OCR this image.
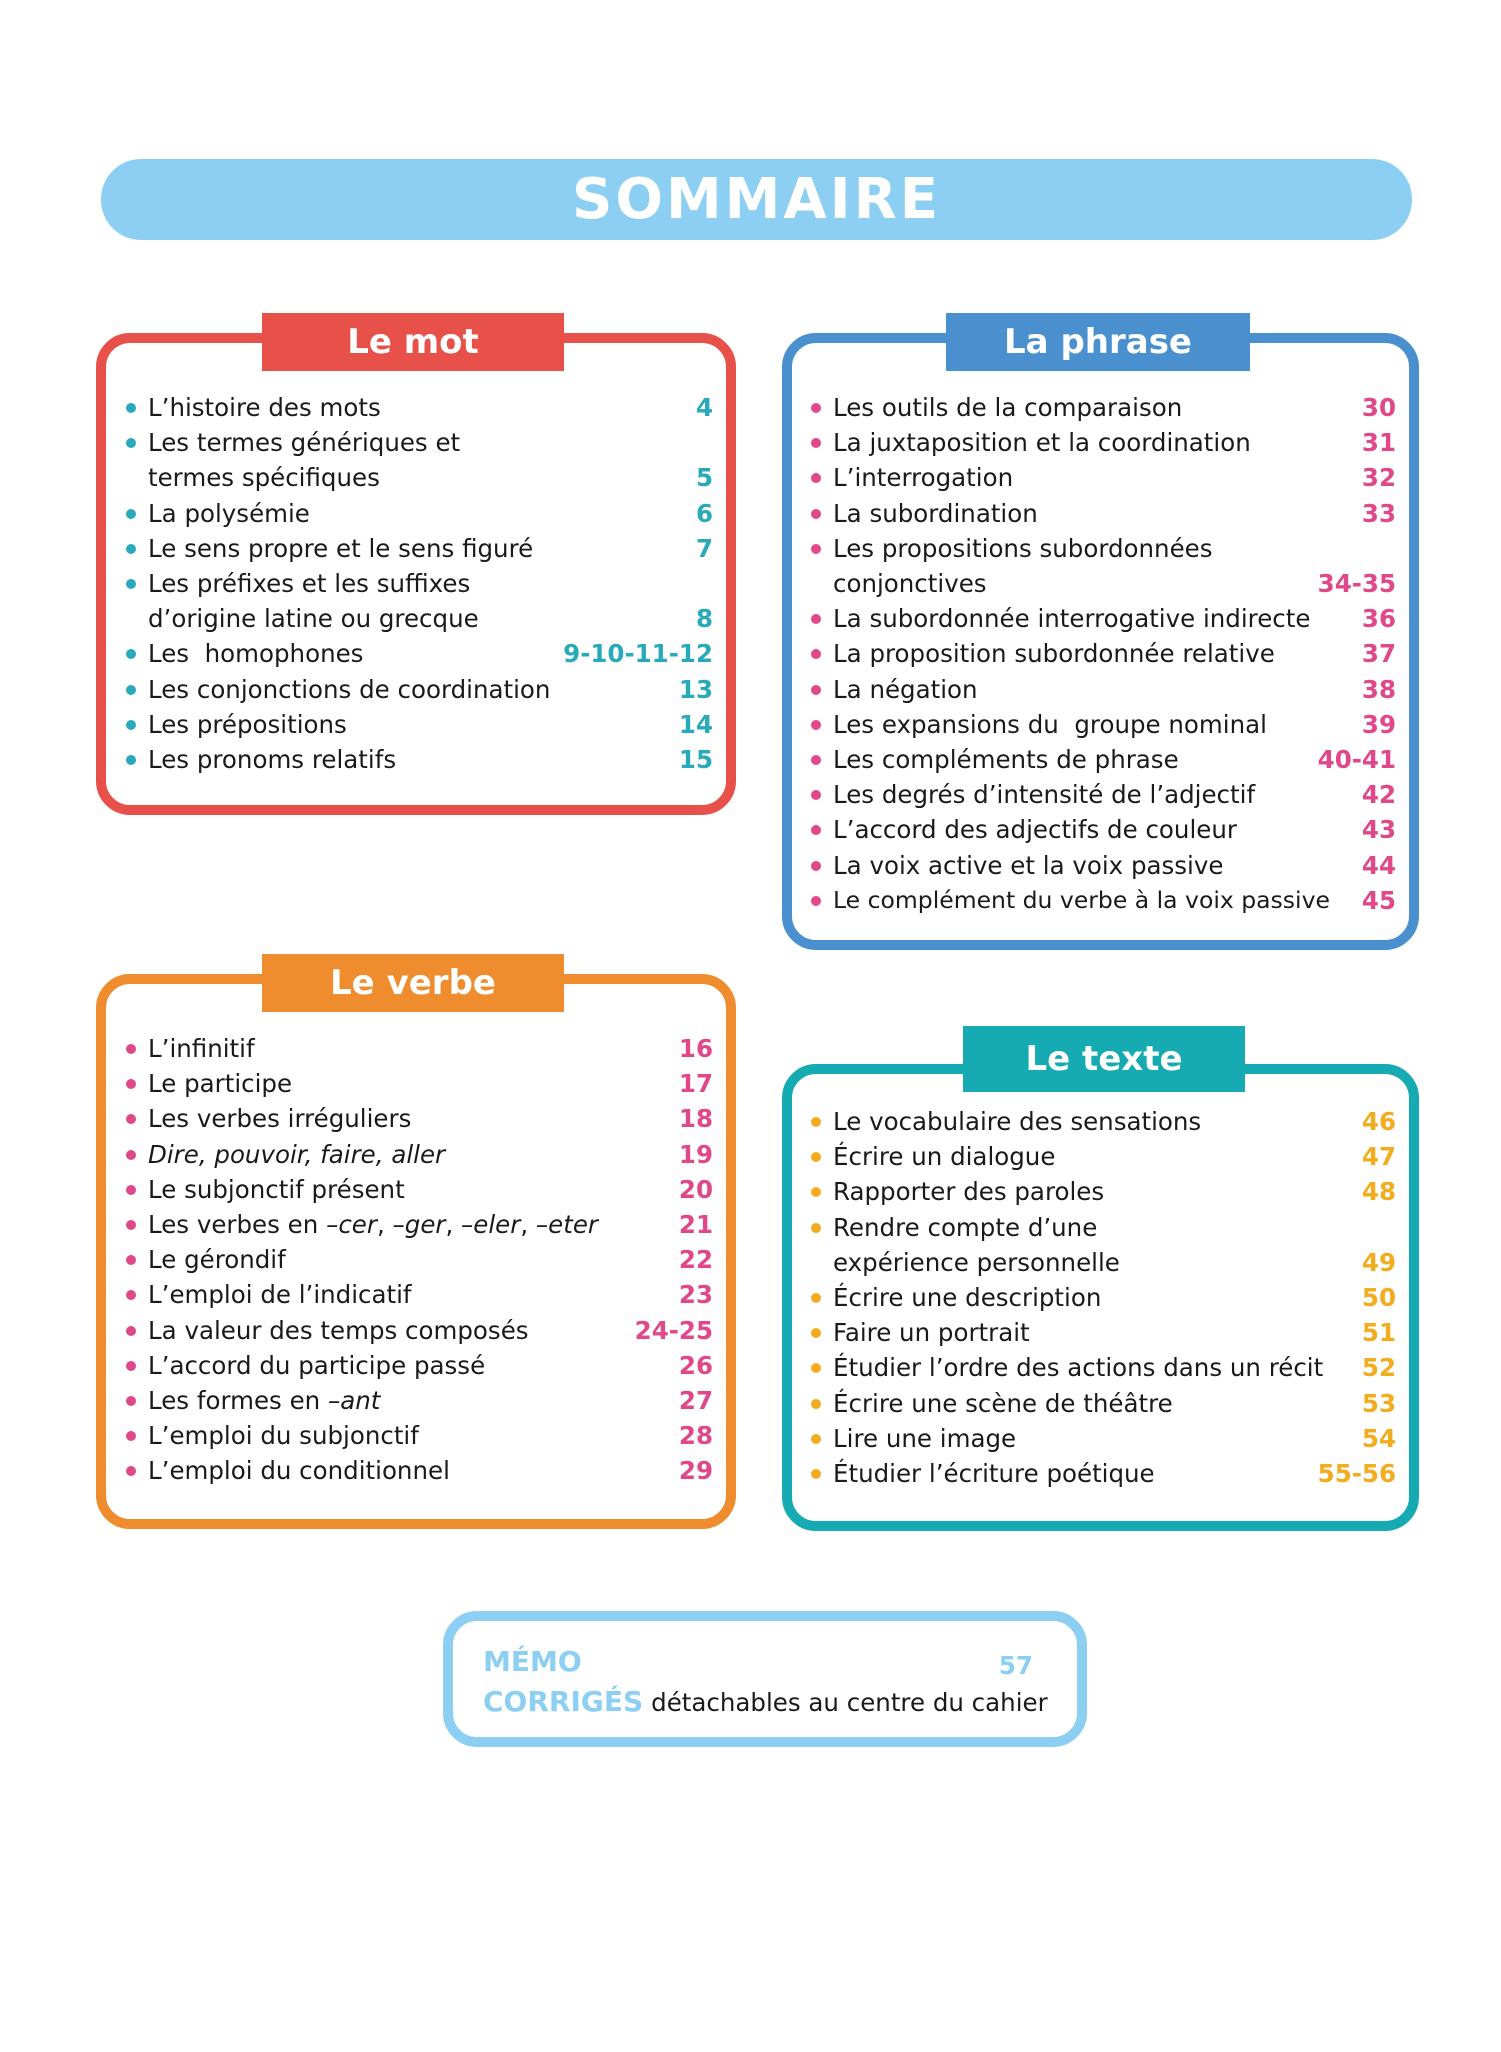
SOMMAIRE
Le mot
L’histoire des mots	4
Les termes génériques et termes spécifiques	5
La polysémie	6
Le sens propre et le sens figuré	7
Les préfixes et les suffixes d’origine latine ou grecque	8
Les  homophones	9-10-11-12
Les conjonctions de coordination	13
Les prépositions	14
Les pronoms relatifs	15
La phrase
Les outils de la comparaison	30
La juxtaposition et la coordination	31
L’interrogation	32
La subordination	33
Les propositions subordonnées conjonctives	34-35
La subordonnée interrogative indirecte	36
La proposition subordonnée relative	37
La négation	38
Les expansions du  groupe nominal	39
Les compléments de phrase	40-41
Les degrés d’intensité de l’adjectif	42
L’accord des adjectifs de couleur	43
La voix active et la voix passive	44
Le complément du verbe à la voix passive	45
Le verbe
L’infinitif	16
Le participe	17
Les verbes irréguliers	18
Dire, pouvoir, faire, aller	19
Le subjonctif présent	20
Les verbes en –cer, –ger, –eler, –eter	21
Le gérondif	22
L’emploi de l’indicatif	23
La valeur des temps composés	24-25
L’accord du participe passé	26
Les formes en –ant	27
L’emploi du subjonctif	28
L’emploi du conditionnel	29
Le texte
Le vocabulaire des sensations	46
Écrire un dialogue	47
Rapporter des paroles	48
Rendre compte d’une expérience personnelle	49
Écrire une description	50
Faire un portrait	51
Étudier l’ordre des actions dans un récit	52
Écrire une scène de théâtre	53
Lire une image	54
Étudier l’écriture poétique	55-56
MÉMO	57
CORRIGÉS détachables au centre du cahier
